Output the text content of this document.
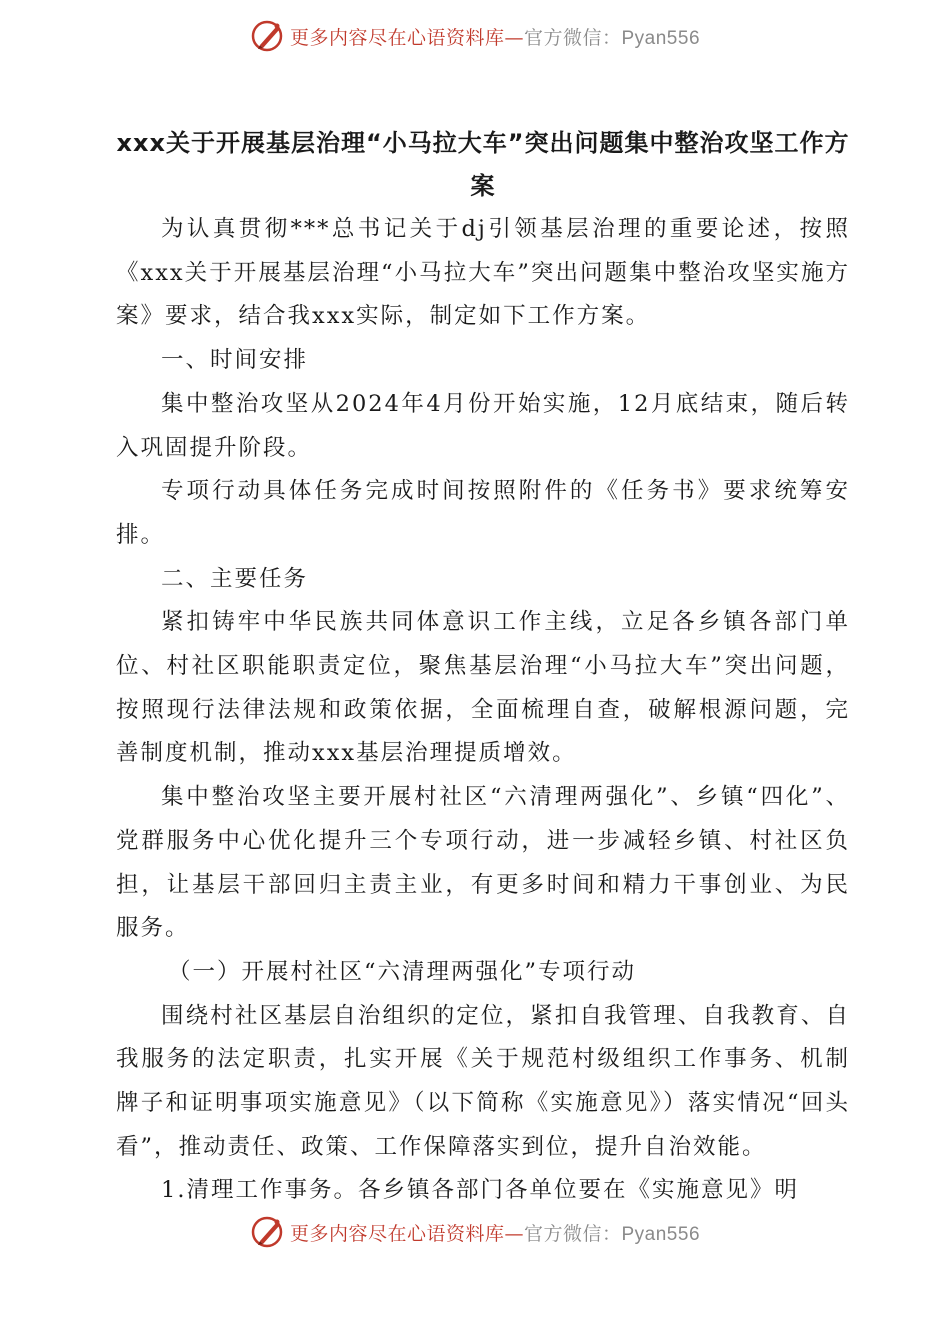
更多内容尽在心语资料库—官方微信：Pyan556
xxx关于开展基层治理“小马拉大车”突出问题集中整治攻坚工作方案

为认真贯彻***总书记关于dj引领基层治理的重要论述，按照《xxx关于开展基层治理“小马拉大车”突出问题集中整治攻坚实施方案》要求，结合我xxx实际，制定如下工作方案。

一、时间安排

集中整治攻坚从2024年4月份开始实施，12月底结束，随后转入巩固提升阶段。

专项行动具体任务完成时间按照附件的《任务书》要求统筹安排。

二、主要任务

紧扣铸牢中华民族共同体意识工作主线，立足各乡镇各部门单位、村社区职能职责定位，聚焦基层治理“小马拉大车”突出问题，按照现行法律法规和政策依据，全面梳理自查，破解根源问题，完善制度机制，推动xxx基层治理提质增效。

集中整治攻坚主要开展村社区“六清理两强化”、乡镇“四化”、党群服务中心优化提升三个专项行动，进一步减轻乡镇、村社区负担，让基层干部回归主责主业，有更多时间和精力干事创业、为民服务。

（一）开展村社区“六清理两强化”专项行动

围绕村社区基层自治组织的定位，紧扣自我管理、自我教育、自我服务的法定职责，扎实开展《关于规范村级组织工作事务、机制牌子和证明事项实施意见》（以下简称《实施意见》）落实情况“回头看”，推动责任、政策、工作保障落实到位，提升自治效能。

1.清理工作事务。各乡镇各部门各单位要在《实施意见》明

更多内容尽在心语资料库—官方微信：Pyan556
